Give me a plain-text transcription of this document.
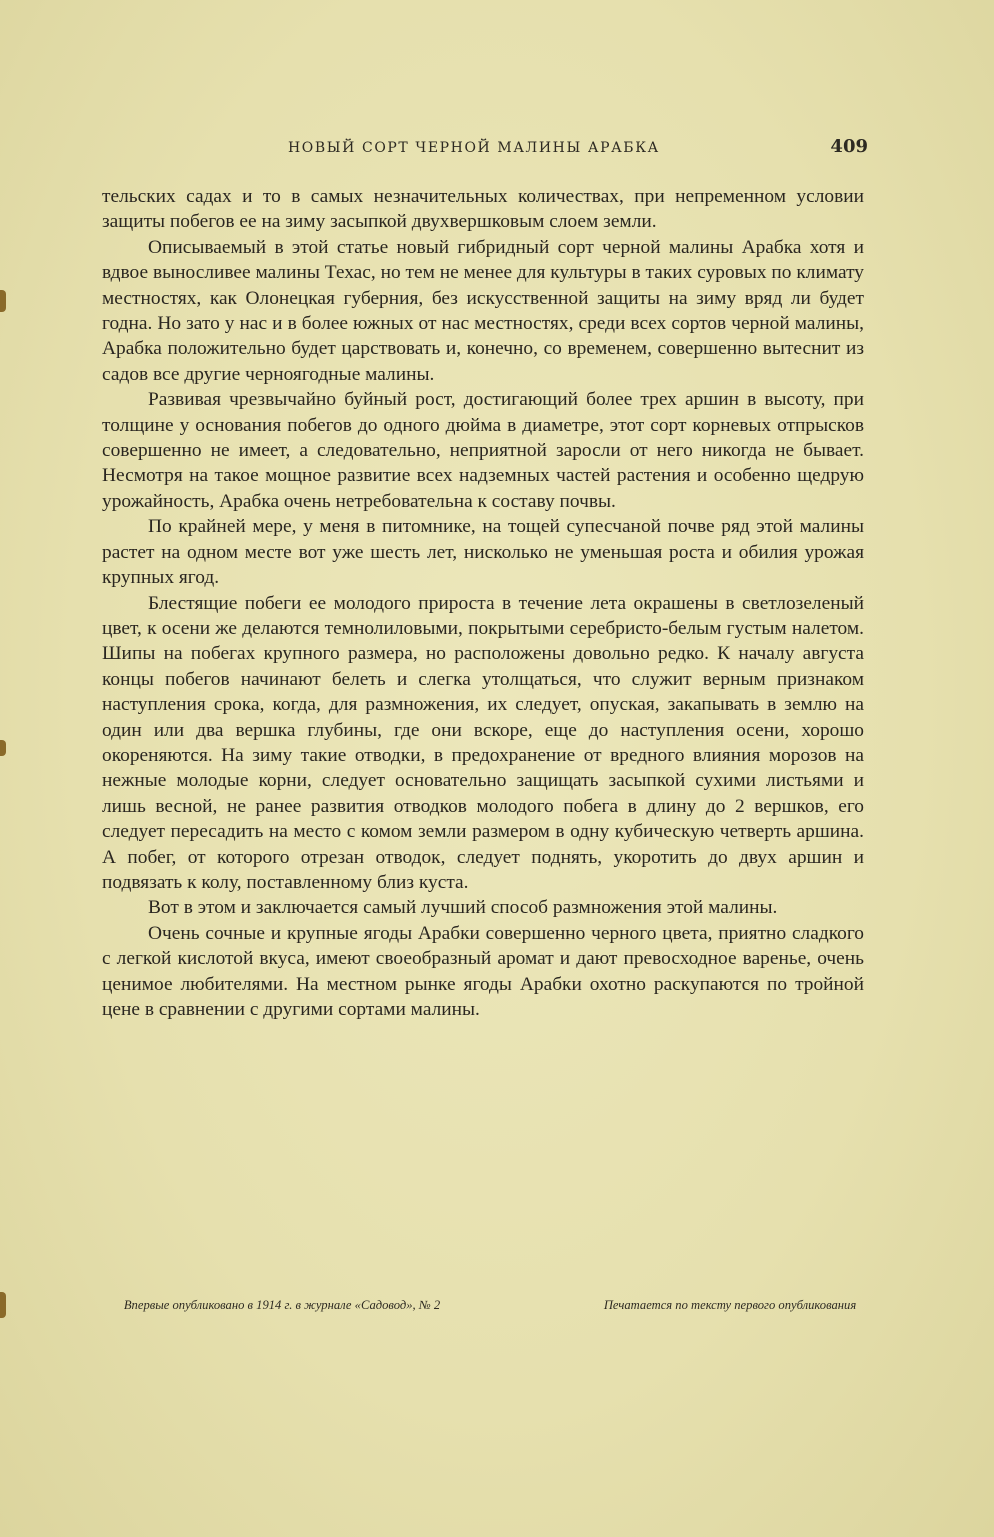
НОВЫЙ СОРТ ЧЕРНОЙ МАЛИНЫ АРАБКА	409

тельских садах и то в самых незначительных количествах, при непременном условии защиты побегов ее на зиму засыпкой двухвершковым слоем земли.

Описываемый в этой статье новый гибридный сорт черной малины Арабка хотя и вдвое выносливее малины Техас, но тем не менее для культуры в таких суровых по климату местностях, как Олонецкая губерния, без искусственной защиты на зиму вряд ли будет годна. Но зато у нас и в более южных от нас местностях, среди всех сортов черной малины, Арабка положительно будет царствовать и, конечно, со временем, совершенно вытеснит из садов все другие черноягодные малины.

Развивая чрезвычайно буйный рост, достигающий более трех аршин в высоту, при толщине у основания побегов до одного дюйма в диаметре, этот сорт корневых отпрысков совершенно не имеет, а следовательно, неприятной заросли от него никогда не бывает. Несмотря на такое мощное развитие всех надземных частей растения и особенно щедрую урожайность, Арабка очень нетребовательна к составу почвы.

По крайней мере, у меня в питомнике, на тощей супесчаной почве ряд этой малины растет на одном месте вот уже шесть лет, нисколько не уменьшая роста и обилия урожая крупных ягод.

Блестящие побеги ее молодого прироста в течение лета окрашены в светлозеленый цвет, к осени же делаются темнолиловыми, покрытыми серебристо-белым густым налетом. Шипы на побегах крупного размера, но расположены довольно редко. К началу августа концы побегов начинают белеть и слегка утолщаться, что служит верным признаком наступления срока, когда, для размножения, их следует, опуская, закапывать в землю на один или два вершка глубины, где они вскоре, еще до наступления осени, хорошо окореняются. На зиму такие отводки, в предохранение от вредного влияния морозов на нежные молодые корни, следует основательно защищать засыпкой сухими листьями и лишь весной, не ранее развития отводков молодого побега в длину до 2 вершков, его следует пересадить на место с комом земли размером в одну кубическую четверть аршина. А побег, от которого отрезан отводок, следует поднять, укоротить до двух аршин и подвязать к колу, поставленному близ куста.

Вот в этом и заключается самый лучший способ размножения этой малины.

Очень сочные и крупные ягоды Арабки совершенно черного цвета, приятно сладкого с легкой кислотой вкуса, имеют своеобразный аромат и дают превосходное варенье, очень ценимое любителями. На местном рынке ягоды Арабки охотно раскупаются по тройной цене в сравнении с другими сортами малины.

Впервые опубликовано в 1914 г. в журнале «Садовод», № 2	Печатается по тексту первого опубликования
